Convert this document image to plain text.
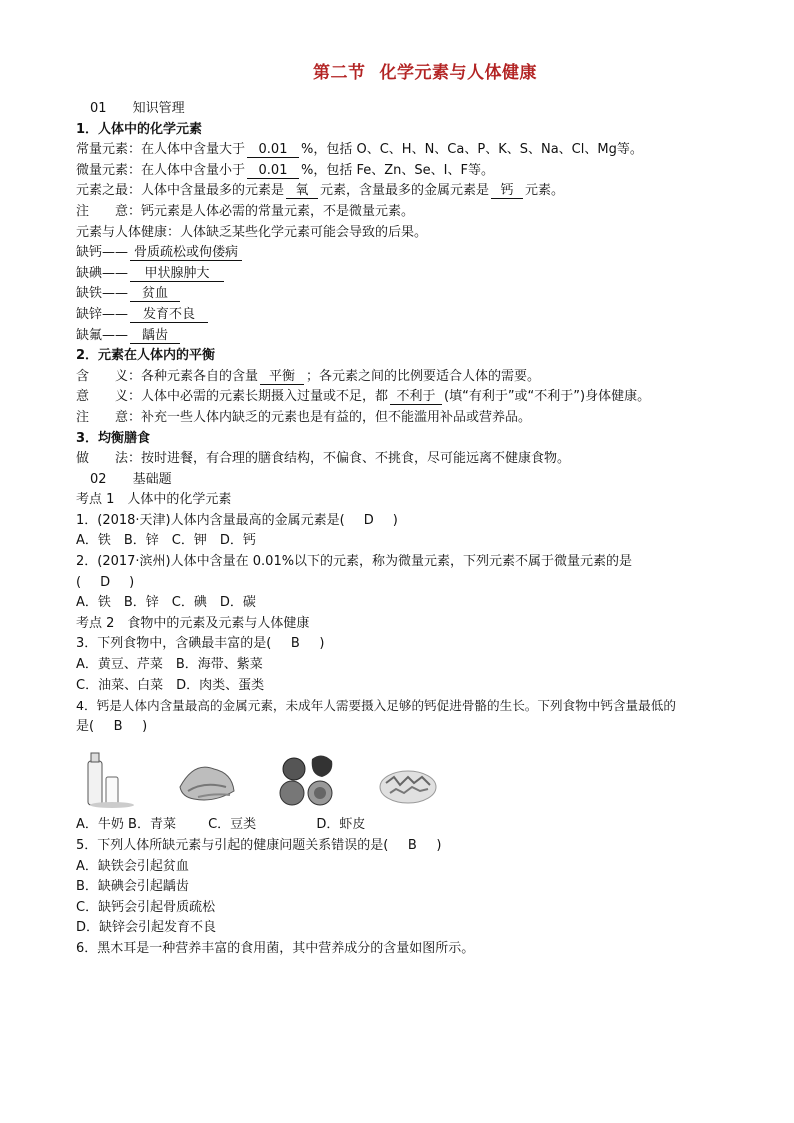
第二节 化学元素与人体健康
01　　 知识管理
1．人体中的化学元素
常量元素：在人体中含量大于 0.01 %，包括 O、C、H、N、Ca、P、K、S、Na、Cl、Mg等。
微量元素：在人体中含量小于 0.01 %，包括 Fe、Zn、Se、I、F等。
元素之最：人体中含量最多的元素是 氧 元素，含量最多的金属元素是 钙 元素。
注　　意：钙元素是人体必需的常量元素，不是微量元素。
元素与人体健康：人体缺乏某些化学元素可能会导致的后果。
缺钙—— 骨质疏松或佝偻病
缺碘—— 甲状腺肿大
缺铁—— 贫血
缺锌—— 发育不良
缺氟—— 龋齿
2．元素在人体内的平衡
含　　义：各种元素各自的含量 平衡 ；各元素之间的比例要适合人体的需要。
意　　义：人体中必需的元素长期摄入过量或不足，都 不利于 (填“有利于”或“不利于”)身体健康。
注　　意：补充一些人体内缺乏的元素也是有益的，但不能滥用补品或营养品。
3．均衡膳食
做　　法：按时进餐，有合理的膳食结构，不偏食、不挑食，尽可能远离不健康食物。
02　　 基础题
考点 1　人体中的化学元素
1．(2018·天津)人体内含量最高的金属元素是( D )
A．铁　B．锌　C．钾　D．钙
2．(2017·滨州)人体中含量在 0.01%以下的元素，称为微量元素，下列元素不属于微量元素的是
( D )
A．铁　B．锌　C．碘　D．碳
考点 2　食物中的元素及元素与人体健康
3．下列食物中，含碘最丰富的是( B )
A．黄豆、芹菜　B．海带、紫菜
C．油菜、白菜　D．肉类、蛋类
4．钙是人体内含量最高的金属元素，未成年人需要摄入足够的钙促进骨骼的生长。下列食物中钙含量最低的
是( B )
A．牛奶 B．青菜 C．豆类	D．虾皮
5．下列人体所缺元素与引起的健康问题关系错误的是( B )
A．缺铁会引起贫血
B．缺碘会引起龋齿
C．缺钙会引起骨质疏松
D．缺锌会引起发育不良
6．黑木耳是一种营养丰富的食用菌，其中营养成分的含量如图所示。
